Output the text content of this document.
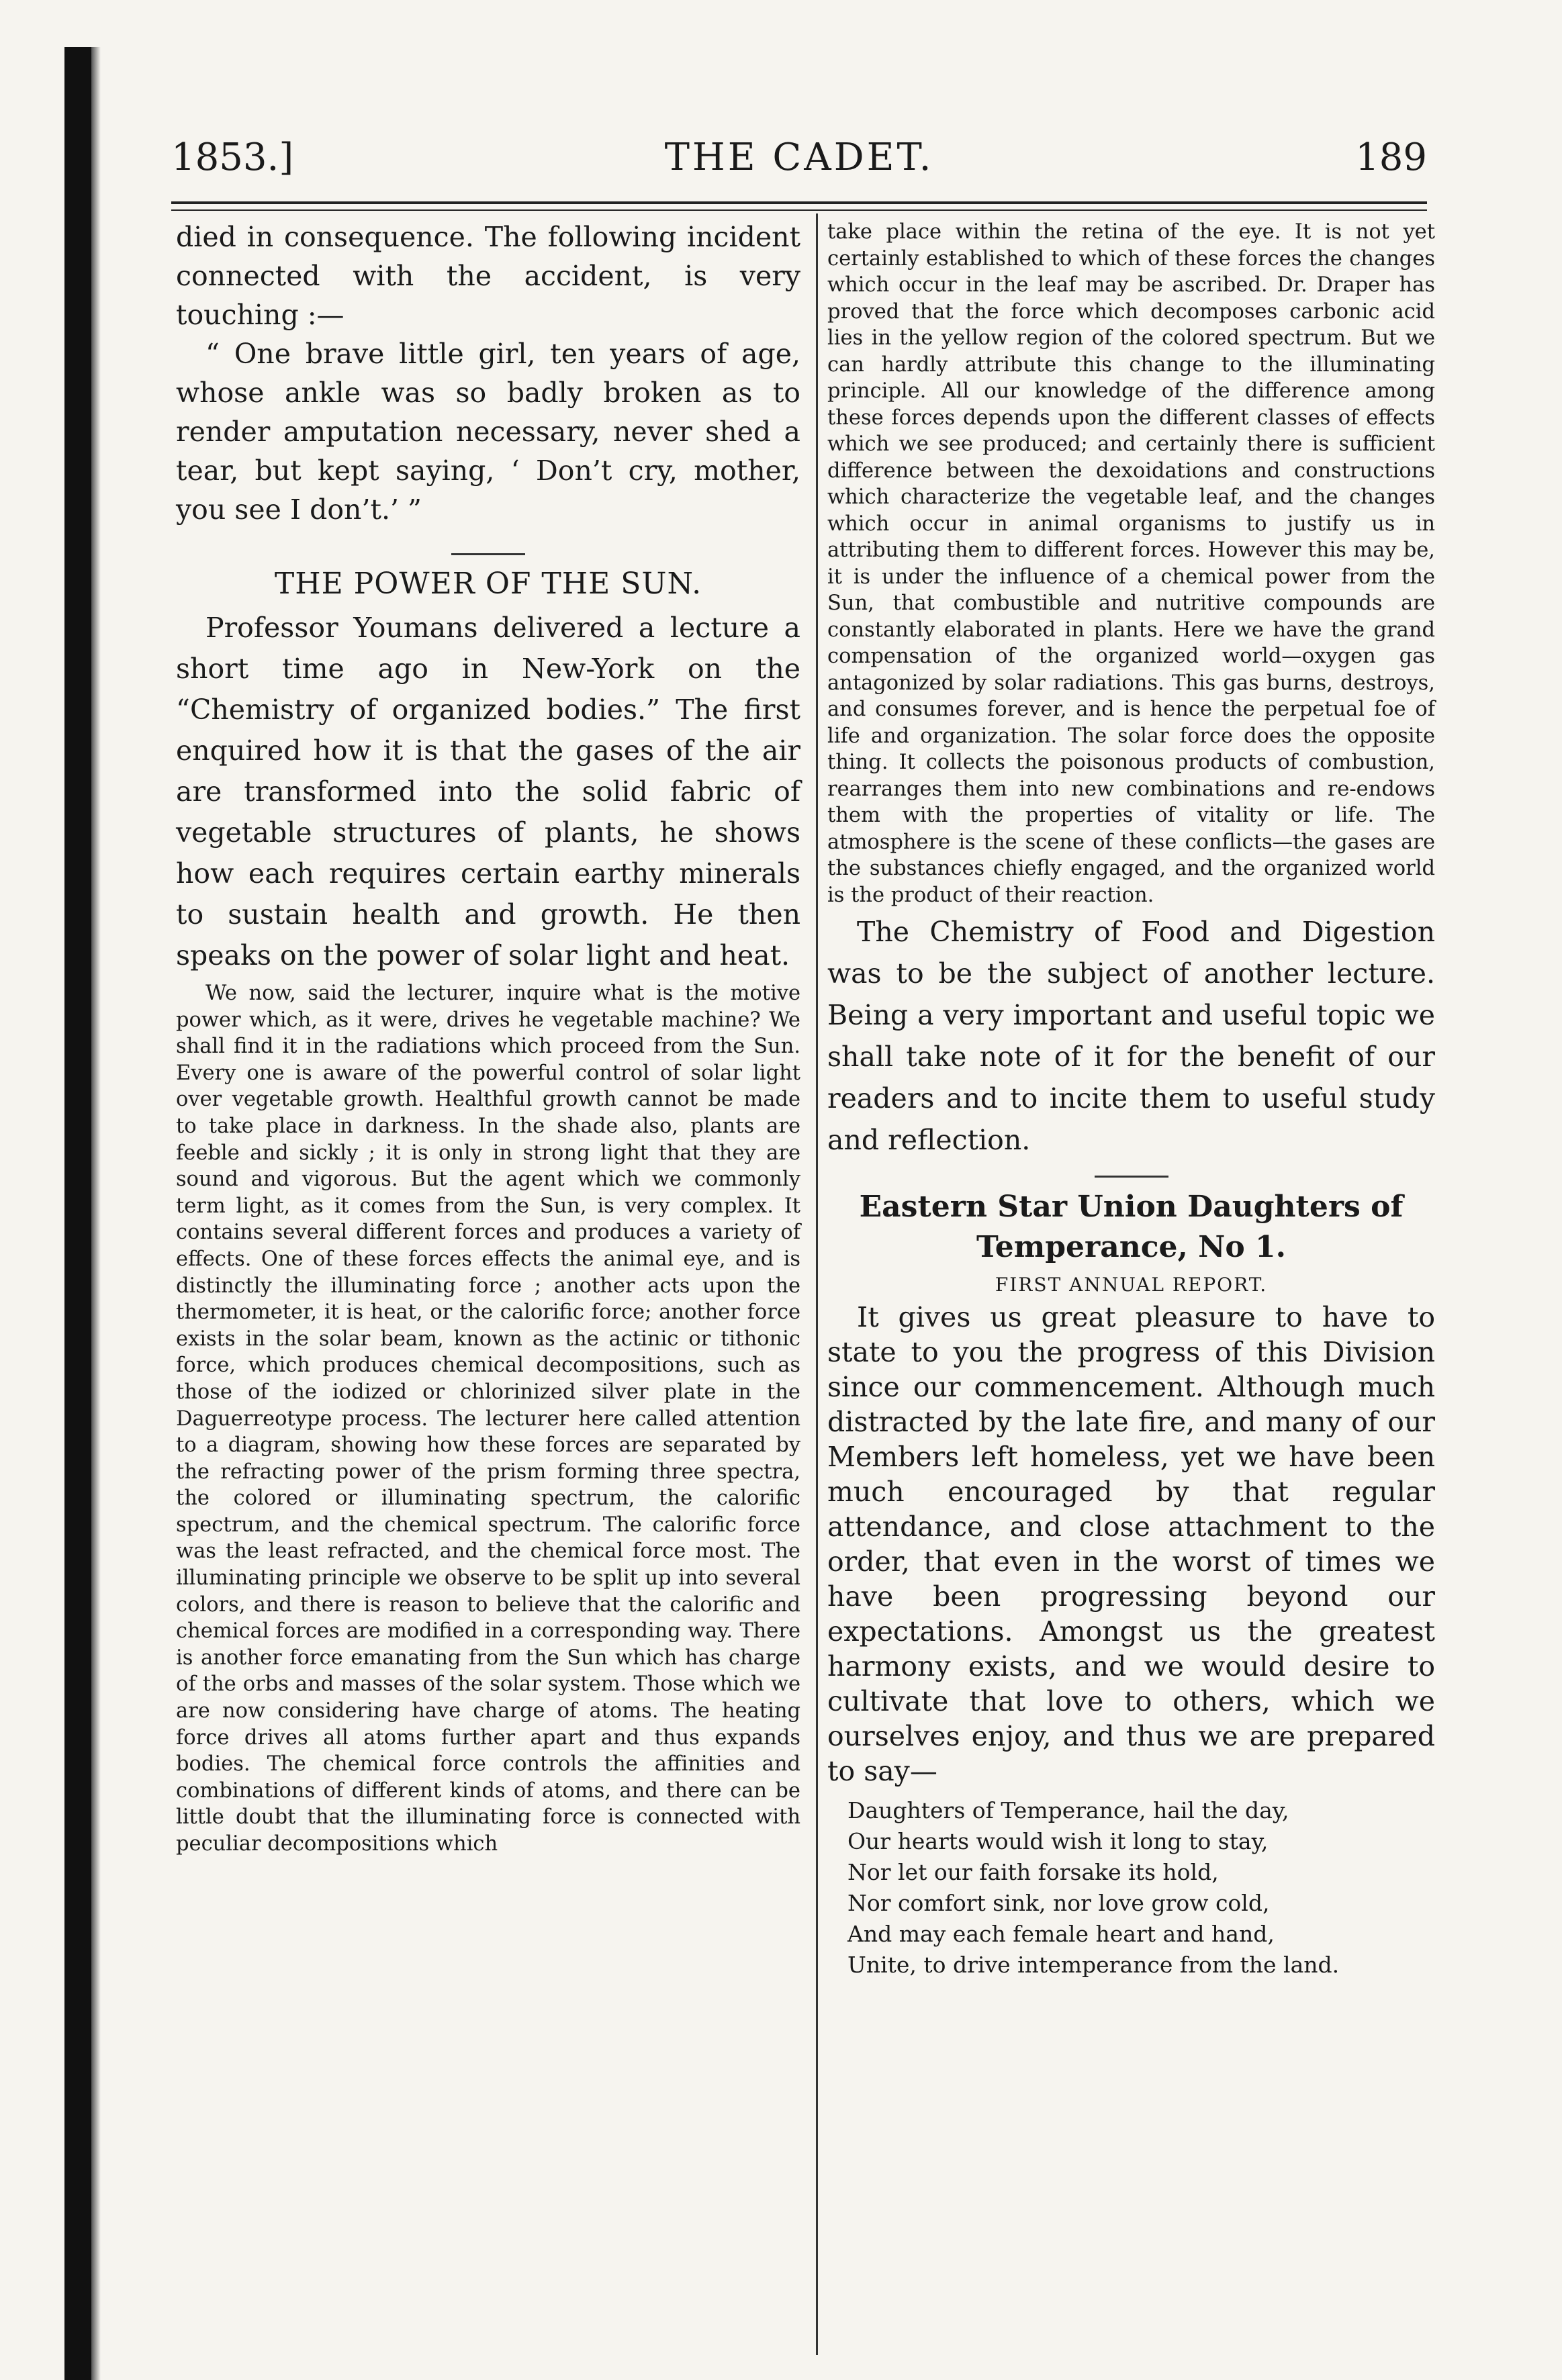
1853.]	THE CADET.	189

died in consequence. The following incident connected with the accident, is very touching :—

“ One brave little girl, ten years of age, whose ankle was so badly broken as to render amputation necessary, never shed a tear, but kept saying, ‘ Don’t cry, mother, you see I don’t.’ ”

THE POWER OF THE SUN.

Professor Youmans delivered a lecture a short time ago in New-York on the “Chemistry of organized bodies.” The first enquired how it is that the gases of the air are transformed into the solid fabric of vegetable structures of plants, he shows how each requires certain earthy minerals to sustain health and growth. He then speaks on the power of solar light and heat.

We now, said the lecturer, inquire what is the motive power which, as it were, drives he vegetable machine? We shall find it in the radiations which proceed from the Sun. Every one is aware of the powerful control of solar light over vegetable growth. Healthful growth cannot be made to take place in darkness. In the shade also, plants are feeble and sickly ; it is only in strong light that they are sound and vigorous. But the agent which we commonly term light, as it comes from the Sun, is very complex. It contains several different forces and produces a variety of effects. One of these forces effects the animal eye, and is distinctly the illuminating force ; another acts upon the thermometer, it is heat, or the calorific force; another force exists in the solar beam, known as the actinic or tithonic force, which produces chemical decompositions, such as those of the iodized or chlorinized silver plate in the Daguerreotype process. The lecturer here called attention to a diagram, showing how these forces are separated by the refracting power of the prism forming three spectra, the colored or illuminating spectrum, the calorific spectrum, and the chemical spectrum. The calorific force was the least refracted, and the chemical force most. The illuminating principle we observe to be split up into several colors, and there is reason to believe that the calorific and chemical forces are modified in a corresponding way. There is another force emanating from the Sun which has charge of the orbs and masses of the solar system. Those which we are now considering have charge of atoms. The heating force drives all atoms further apart and thus expands bodies. The chemical force controls the affinities and combinations of different kinds of atoms, and there can be little doubt that the illuminating force is connected with peculiar decompositions which

take place within the retina of the eye. It is not yet certainly established to which of these forces the changes which occur in the leaf may be ascribed. Dr. Draper has proved that the force which decomposes carbonic acid lies in the yellow region of the colored spectrum. But we can hardly attribute this change to the illuminating principle. All our knowledge of the difference among these forces depends upon the different classes of effects which we see produced; and certainly there is sufficient difference between the dexoidations and constructions which characterize the vegetable leaf, and the changes which occur in animal organisms to justify us in attributing them to different forces. However this may be, it is under the influence of a chemical power from the Sun, that combustible and nutritive compounds are constantly elaborated in plants. Here we have the grand compensation of the organized world—oxygen gas antagonized by solar radiations. This gas burns, destroys, and consumes forever, and is hence the perpetual foe of life and organization. The solar force does the opposite thing. It collects the poisonous products of combustion, rearranges them into new combinations and re-endows them with the properties of vitality or life. The atmosphere is the scene of these conflicts—the gases are the substances chiefly engaged, and the organized world is the product of their reaction.

The Chemistry of Food and Digestion was to be the subject of another lecture. Being a very important and useful topic we shall take note of it for the benefit of our readers and to incite them to useful study and reflection.

Eastern Star Union Daughters of Temperance, No 1.

FIRST ANNUAL REPORT.

It gives us great pleasure to have to state to you the progress of this Division since our commencement. Although much distracted by the late fire, and many of our Members left homeless, yet we have been much encouraged by that regular attendance, and close attachment to the order, that even in the worst of times we have been progressing beyond our expectations. Amongst us the greatest harmony exists, and we would desire to cultivate that love to others, which we ourselves enjoy, and thus we are prepared to say—

Daughters of Temperance, hail the day,

Our hearts would wish it long to stay,

Nor let our faith forsake its hold,

Nor comfort sink, nor love grow cold,

And may each female heart and hand,

Unite, to drive intemperance from the land.
